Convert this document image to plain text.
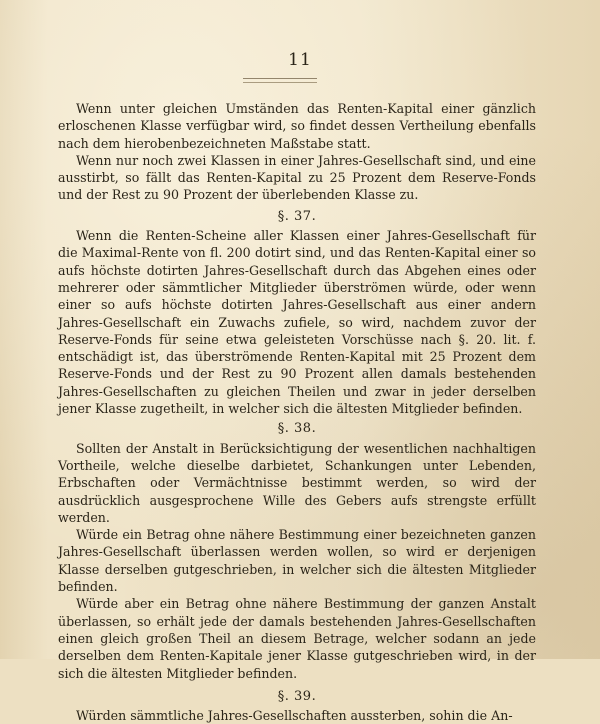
11

Wenn unter gleichen Umständen das Renten-Kapital einer gänzlich erloschenen Klasse verfügbar wird, so findet dessen Vertheilung ebenfalls nach dem hierobenbezeichneten Maßstabe statt.

Wenn nur noch zwei Klassen in einer Jahres-Gesellschaft sind, und eine ausstirbt, so fällt das Renten-Kapital zu 25 Prozent dem Reserve-Fonds und der Rest zu 90 Prozent der überlebenden Klasse zu.

§. 37.

Wenn die Renten-Scheine aller Klassen einer Jahres-Gesellschaft für die Maximal-Rente von fl. 200 dotirt sind, und das Renten-Kapital einer so aufs höchste dotirten Jahres-Gesellschaft durch das Abgehen eines oder mehrerer oder sämmtlicher Mitglieder überströmen würde, oder wenn einer so aufs höchste dotirten Jahres-Gesellschaft aus einer andern Jahres-Gesellschaft ein Zuwachs zufiele, so wird, nachdem zuvor der Reserve-Fonds für seine etwa geleisteten Vorschüsse nach §. 20. lit. f. entschädigt ist, das überströmende Renten-Kapital mit 25 Prozent dem Reserve-Fonds und der Rest zu 90 Prozent allen damals bestehenden Jahres-Gesellschaften zu gleichen Theilen und zwar in jeder derselben jener Klasse zugetheilt, in welcher sich die ältesten Mitglieder befinden.

§. 38.

Sollten der Anstalt in Berücksichtigung der wesentlichen nachhaltigen Vortheile, welche dieselbe darbietet, Schankungen unter Lebenden, Erbschaften oder Vermächtnisse bestimmt werden, so wird der ausdrücklich ausgesprochene Wille des Gebers aufs strengste erfüllt werden.

Würde ein Betrag ohne nähere Bestimmung einer bezeichneten ganzen Jahres-Gesellschaft überlassen werden wollen, so wird er derjenigen Klasse derselben gutgeschrieben, in welcher sich die ältesten Mitglieder befinden.

Würde aber ein Betrag ohne nähere Bestimmung der ganzen Anstalt überlassen, so erhält jede der damals bestehenden Jahres-Gesellschaften einen gleich großen Theil an diesem Betrage, welcher sodann an jede derselben dem Renten-Kapitale jener Klasse gutgeschrieben wird, in der sich die ältesten Mitglieder befinden.

§. 39.

Würden sämmtliche Jahres-Gesellschaften aussterben, sohin die An-
